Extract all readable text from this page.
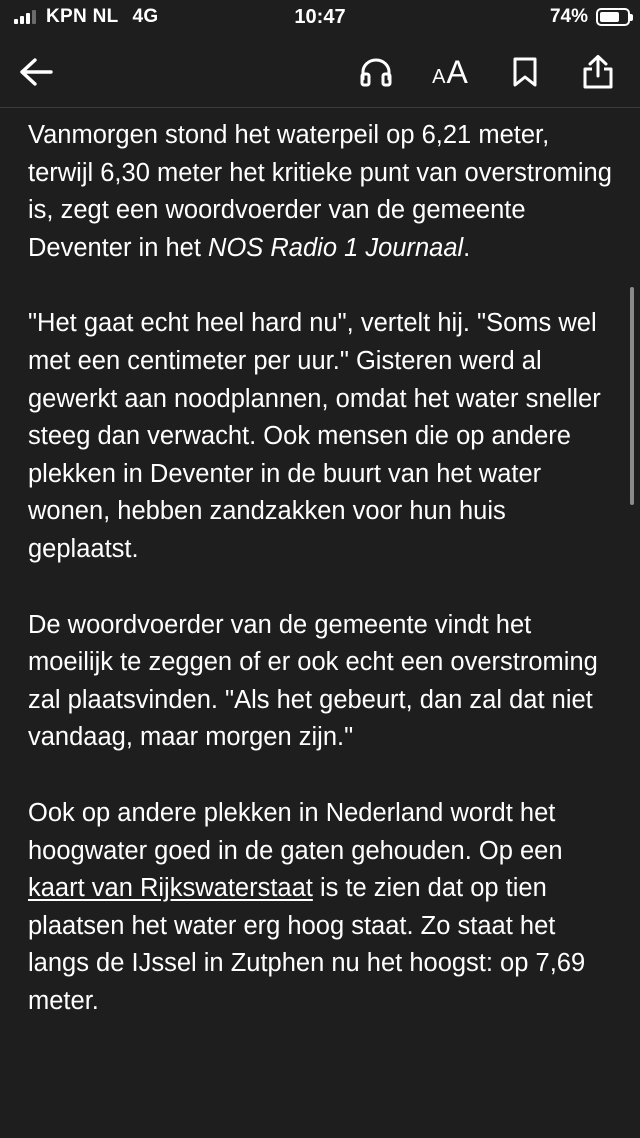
KPN NL 4G	10:47	74%
A A

Vanmorgen stond het waterpeil op 6,21 meter, terwijl 6,30 meter het kritieke punt van overstroming is, zegt een woordvoerder van de gemeente Deventer in het NOS Radio 1 Journaal.

"Het gaat echt heel hard nu", vertelt hij. "Soms wel met een centimeter per uur." Gisteren werd al gewerkt aan noodplannen, omdat het water sneller steeg dan verwacht. Ook mensen die op andere plekken in Deventer in de buurt van het water wonen, hebben zandzakken voor hun huis geplaatst.

De woordvoerder van de gemeente vindt het moeilijk te zeggen of er ook echt een overstroming zal plaatsvinden. "Als het gebeurt, dan zal dat niet vandaag, maar morgen zijn."

Ook op andere plekken in Nederland wordt het hoogwater goed in de gaten gehouden. Op een kaart van Rijkswaterstaat is te zien dat op tien plaatsen het water erg hoog staat. Zo staat het langs de IJssel in Zutphen nu het hoogst: op 7,69 meter.
